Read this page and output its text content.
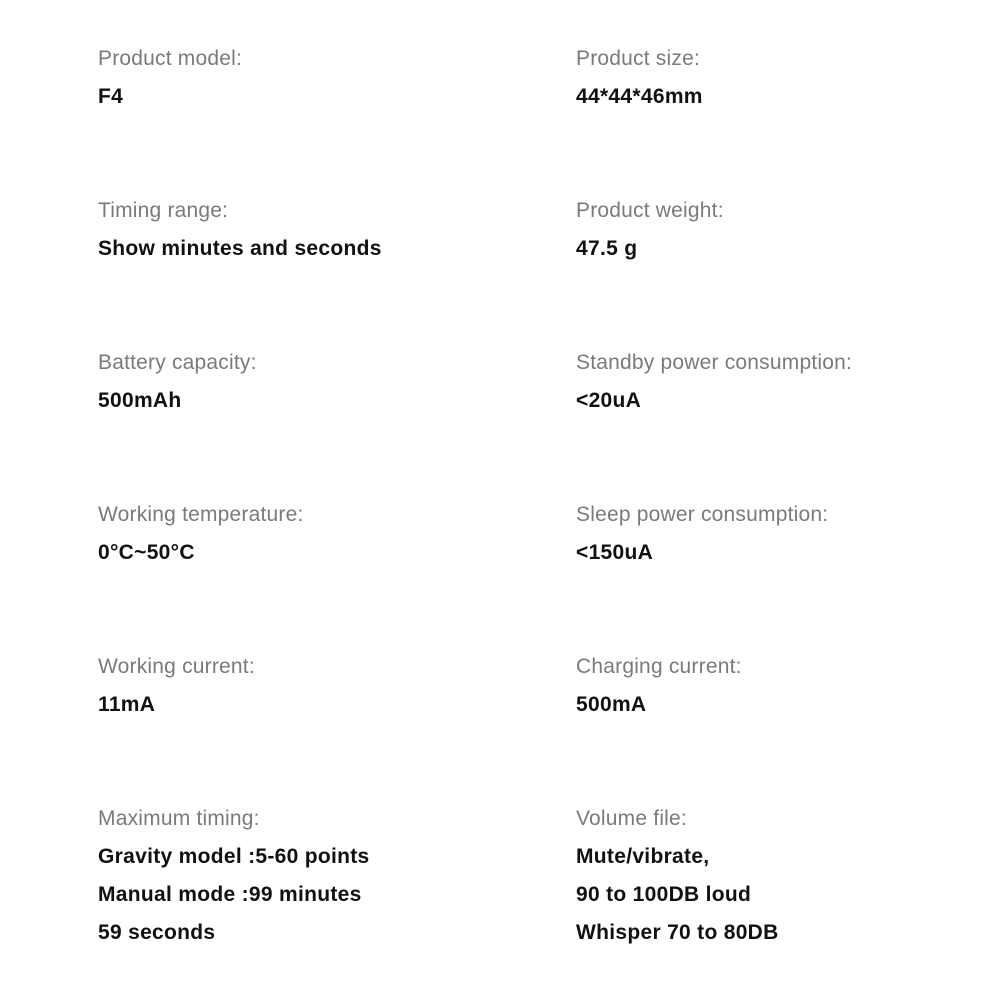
Product model:
F4
Product size:
44*44*46mm
Timing range:
Show minutes and seconds
Product weight:
47.5 g
Battery capacity:
500mAh
Standby power consumption:
<20uA
Working temperature:
0°C~50°C
Sleep power consumption:
<150uA
Working current:
11mA
Charging current:
500mA
Maximum timing:
Gravity model :5-60 points
Manual mode :99 minutes
59 seconds
Volume file:
Mute/vibrate,
90 to 100DB loud
Whisper 70 to 80DB
